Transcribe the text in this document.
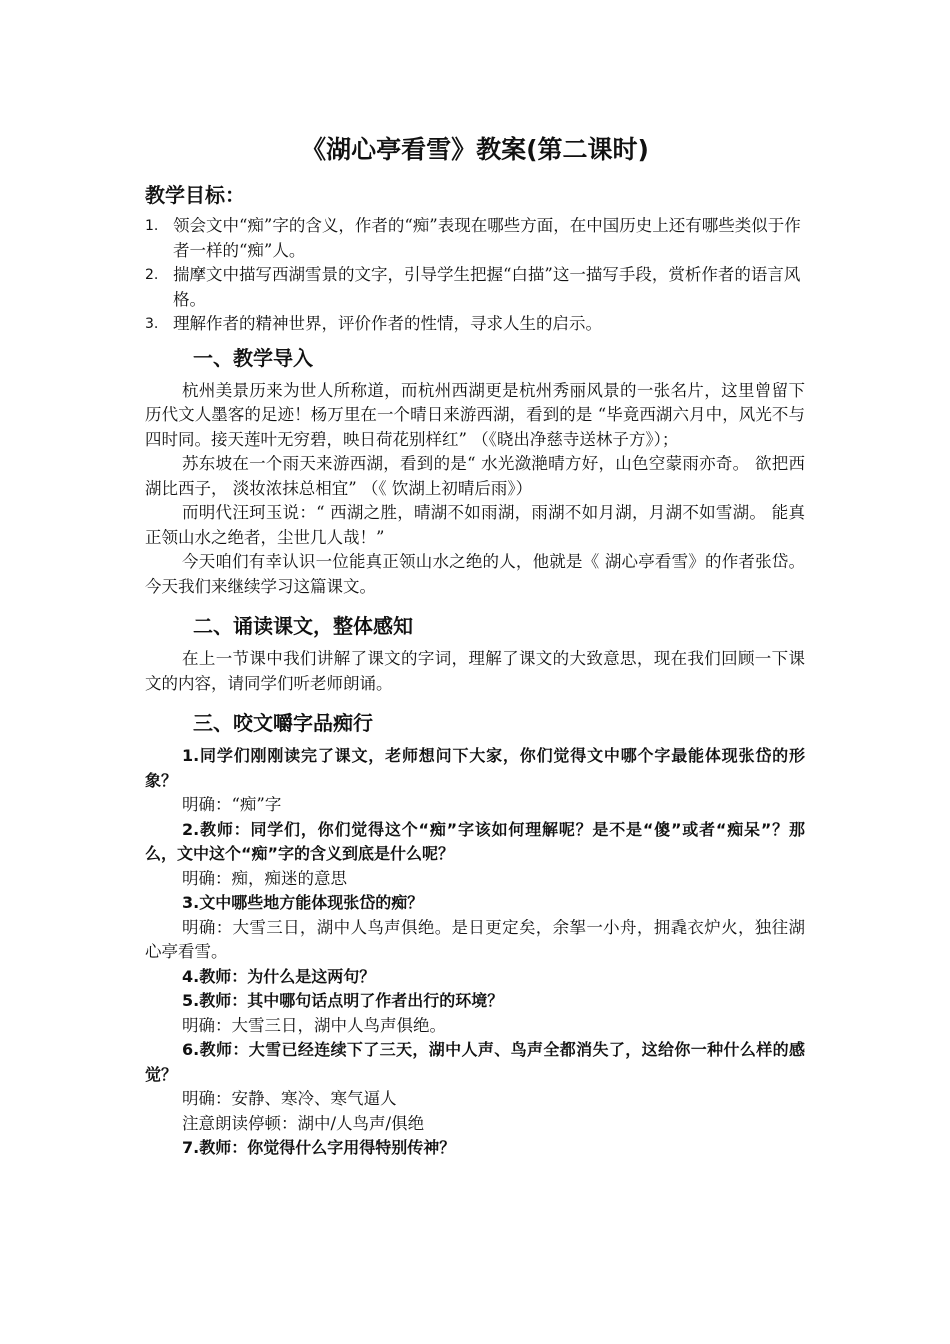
《湖心亭看雪》教案(第二课时)
教学目标：
1. 领会文中“痴”字的含义，作者的“痴”表现在哪些方面，在中国历史上还有哪些类似于作者一样的“痴”人。
2. 揣摩文中描写西湖雪景的文字，引导学生把握“白描”这一描写手段，赏析作者的语言风格。
3. 理解作者的精神世界，评价作者的性情，寻求人生的启示。
一、教学导入

杭州美景历来为世人所称道，而杭州西湖更是杭州秀丽风景的一张名片，这里曾留下历代文人墨客的足迹！杨万里在一个晴日来游西湖，看到的是 “毕竟西湖六月中，风光不与四时同。接天莲叶无穷碧，映日荷花别样红” （《晓出净慈寺送林子方》）；

苏东坡在一个雨天来游西湖，看到的是“ 水光潋滟晴方好，山色空蒙雨亦奇。 欲把西湖比西子， 淡妆浓抹总相宜” （《 饮湖上初晴后雨》）

而明代汪珂玉说：“ 西湖之胜，晴湖不如雨湖，雨湖不如月湖，月湖不如雪湖。 能真正领山水之绝者，尘世几人哉！”

今天咱们有幸认识一位能真正领山水之绝的人，他就是《 湖心亭看雪》的作者张岱。今天我们来继续学习这篇课文。

二、诵读课文，整体感知

在上一节课中我们讲解了课文的字词，理解了课文的大致意思，现在我们回顾一下课文的内容，请同学们听老师朗诵。

三、咬文嚼字品痴行

1.同学们刚刚读完了课文，老师想问下大家，你们觉得文中哪个字最能体现张岱的形象？

明确：“痴”字

2.教师：同学们，你们觉得这个“痴”字该如何理解呢？是不是“傻”或者“痴呆”？那么，文中这个“痴”字的含义到底是什么呢？

明确：痴，痴迷的意思

3.文中哪些地方能体现张岱的痴？

明确：大雪三日，湖中人鸟声俱绝。是日更定矣，余挐一小舟，拥毳衣炉火，独往湖心亭看雪。

4.教师：为什么是这两句？

5.教师：其中哪句话点明了作者出行的环境？

明确：大雪三日，湖中人鸟声俱绝。

6.教师：大雪已经连续下了三天，湖中人声、鸟声全都消失了，这给你一种什么样的感觉？

明确：安静、寒冷、寒气逼人

注意朗读停顿：湖中/人鸟声/俱绝

7.教师：你觉得什么字用得特别传神？
